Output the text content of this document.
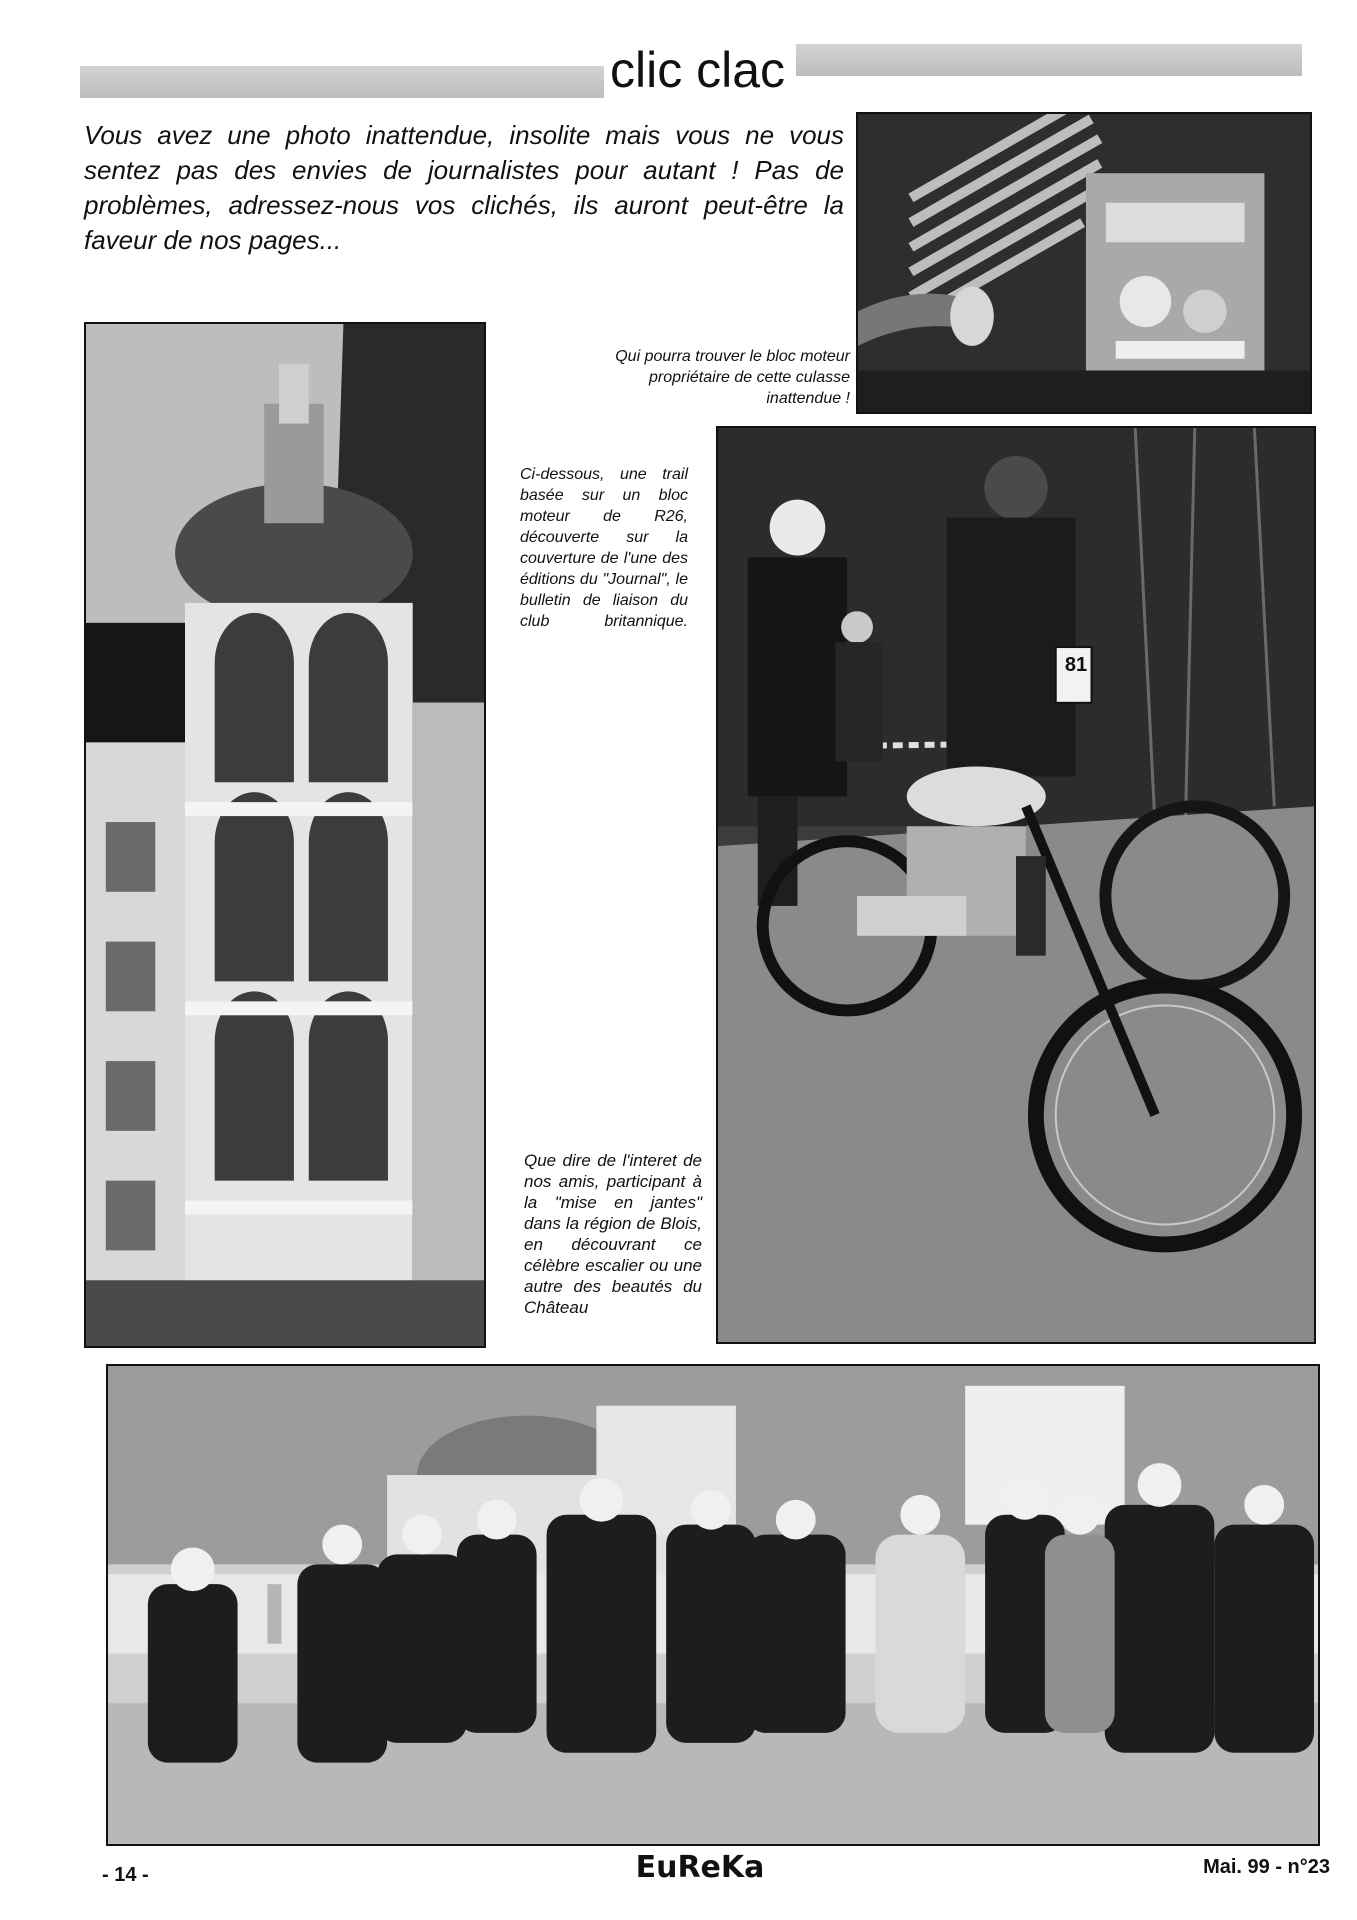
clic clac
Vous avez une photo inattendue, insolite mais vous ne vous sentez pas des envies de journalistes pour autant ! Pas de problèmes, adressez-nous vos clichés, ils auront peut-être la faveur de nos pages...
Qui pourra trouver le bloc moteur propriétaire de cette culasse inattendue !
Ci-dessous, une trail basée sur un bloc moteur de R26, découverte sur la couverture de l'une des éditions du "Journal", le bulletin de liaison du club britannique.
81
Que dire de l'interet de nos amis, participant à la "mise en jantes" dans la région de Blois, en découvrant ce célèbre escalier ou une autre des beautés du Château
- 14 -	EuReKa	Mai. 99 - n°23
